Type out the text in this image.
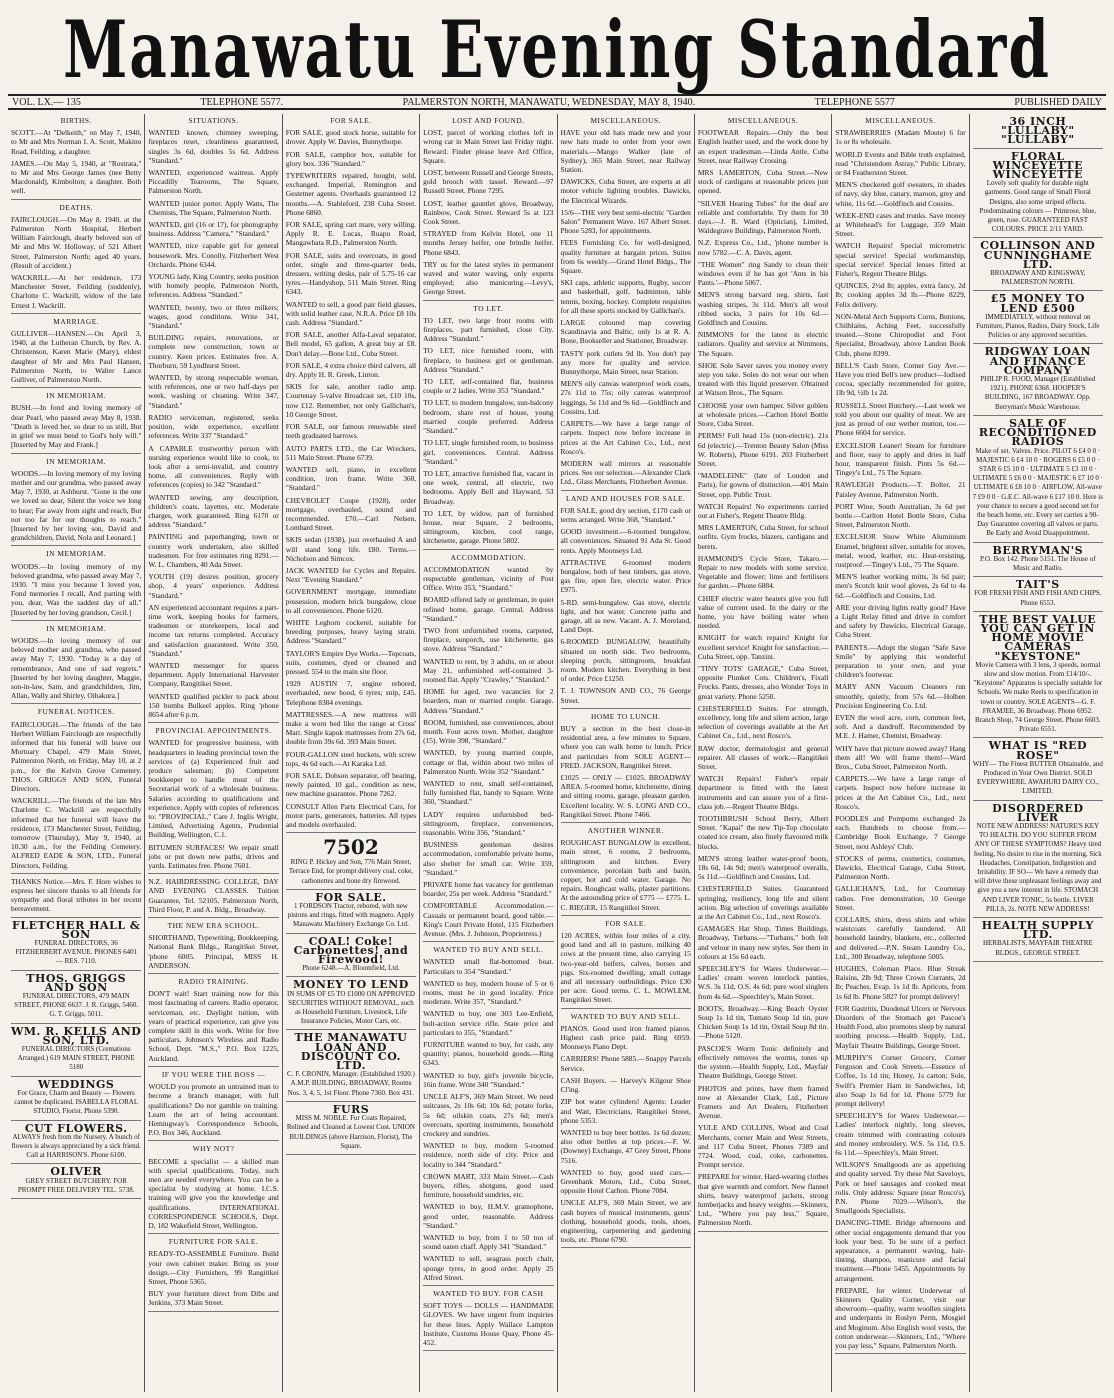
Manawatu Evening Standard
VOL. LX.— 135	TELEPHONE 5577.	PALMERSTON NORTH, MANAWATU, WEDNESDAY, MAY 8, 1940.	TELEPHONE 5577	PUBLISHED DAILY
BIRTHS.
SCOTT.—At "Delkeith," on May 7, 1940, to Mr and Mrs Norman I. A. Scott, Makino Road, Feilding, a daughter.
JAMES.—On May 5, 1940, at "Rostrata," to Mr and Mrs George James (nee Betty Macdonald), Kimbolton; a daughter. Both well.
DEATHS.
FAIRCLOUGH.—On May 8, 1940, at the Palmerston North Hospital, Herbert William Fairclough, dearly beloved son of Mr and Mrs W. Holloway, of 521 Albert Street, Palmerston North; aged 40 years. (Result of accident.)
WACKRILL.—At her residence, 173 Manchester Street, Feilding (suddenly), Charlotte C. Wackrill, widow of the late Ernest J. Wackrill.
MARRIAGE.
GULLIVER—HANSEN.—On April 3, 1940, at the Lutheran Church, by Rev. A. Christenson, Karen Marie (Mary), eldest daughter of Mr and Mrs Paul Hansen, Palmerston North, to Walter Lance Gulliver, of Palmerston North.
IN MEMORIAM.
BUSH.—In fond and loving memory of dear Pearl, who passed away May 8, 1938. "Death is loved her, so dear to us still, But in grief we must bend to God's holy will." [Inserted by May and Frank.]
IN MEMORIAM.
WOODS.—In loving memory of my loving mother and our grandma, who passed away May 7, 1930, at Ashhurst. "Gone is the one we loved so dear, Silent the voice we long to hear; Far away from sight and reach, But not too far for our thoughts to reach." [Inserted by her loving son, David and grandchildren, David, Nola and Leonard.]
IN MEMORIAM.
WOODS.—In loving memory of my beloved grandma, who passed away May 7, 1930. "I miss you because I loved you, Fond memories I recall, And parting with you, dear, Was the saddest day of all." [Inserted by her loving grandson, Cecil.]
IN MEMORIAM.
WOODS.—In loving memory of our beloved mother and grandma, who passed away May 7, 1930. "Today is a day of remembrance, And one of sad regrets." [Inserted by her loving daughter, Maggie, son-in-law, Sam, and grandchildren, Jim, Allan, Wally and Shirley, Oihakura.]
FUNERAL NOTICES.
FAIRCLOUGH.—The friends of the late Herbert William Fairclough are respectfully informed that his funeral will leave our Mortuary Chapel, 479 Main Street, Palmerston North, on Friday, May 10, at 2 p.m., for the Kelvin Grove Cemetery. THOS. GRIGGS AND SON, Funeral Directors.
WACKRILL.—The friends of the late Mrs Charlotte C. Wackrill are respectfully informed that her funeral will leave the residence, 173 Manchester Street, Feilding, tomorrow (Thursday), May 9, 1940, at 10.30 a.m., for the Feilding Cemetery. ALFRED EADE & SON, LTD., Funeral Directors, Feilding.
THANKS Notice.—Mrs. F. Hore wishes to express her sincere thanks to all friends for sympathy and floral tributes in her recent bereavement.
FLETCHER HALL & SON
FUNERAL DIRECTORS, 36 FITZHERBERT AVENUE. PHONES 6401 — RES. 7110.
THOS. GRIGGS AND SON
FUNERAL DIRECTORS, 479 MAIN STREET, PHONE 6637. J. R. Griggs, 5460. G. T. Griggs, 5011.
WM. R. KELLS AND SON, LTD.
FUNERAL DIRECTORS (Cremations Arranged.) 619 MAIN STREET, PHONE 5180
WEDDINGS
For Grace, Charm and Beauty — Flowers cannot be duplicated. ISABELLA FLORAL STUDIO, Florist. Phone 5390.
CUT FLOWERS.
ALWAYS fresh from the Nursery. A bunch of flowers is always appreciated by a sick friend. Call at HARRISON'S. Phone 6100.
OLIVER
GREY STREET BUTCHERY. FOR PROMPT FREE DELIVERY TEL. 5738.
SITUATIONS.
WANTED known, chimney sweeping, fireplaces reset, cleanliness guaranteed, singles 3s 6d, doubles 5s 6d. Address "Standard."
WANTED, experienced waitress. Apply Piccadilly Tearooms, The Square, Palmerston North.
WANTED junior porter. Apply Watts, The Chemists, The Square, Palmerston North.
WANTED, girl (16 or 17), for photography business. Address "Camera," "Standard."
WANTED, nice capable girl for general housework. Mrs. Conolly, Fitzherbert West Orchards. Phone 6344.
YOUNG lady, King Country, seeks position with homely people, Palmerston North, references. Address "Standard."
WANTED, twenty, two or three milkers; wages, good conditions. Write 341, "Standard."
BUILDING repairs, renovations, or complete new construction, town or country. Keen prices. Estimates free. A. Thorburn, 59 Lyndhurst Street.
WANTED, by strong respectable woman, with references, one or two half-days per week, washing or cleaning. Write 347, "Standard."
RADIO serviceman, registered, seeks position, wide experience, excellent references. Write 337 "Standard."
A CAPABLE trustworthy person with nursing experience would like to cook, to look after a semi-invalid, and country home, all conveniences. Reply with references (copies) to 342 "Standard."
WANTED sewing, any description, children's coats, layettes, etc. Moderate charges, work guaranteed. Ring 6170 or address "Standard."
PAINTING and paperhanging, town or country work undertaken, also skilled tradesmen. For free estimates ring 8291.—W. L. Chambers, 40 Ada Street.
YOUTH (19) desires position, grocery shop, 4 years' experience. Address "Standard."
AN experienced accountant requires a part-time work, keeping books for farmers, tradesmen or storekeepers, local and income tax returns completed. Accuracy and satisfaction guaranteed. Write 350, "Standard."
WANTED messenger for spares department. Apply International Harvester Company, Rangitikei Street.
WANTED qualified pickler to pack about 150 bombs Bulkeel apples. Ring 'phone 8654 after 6 p.m.
PROVINCIAL APPOINTMENTS.
WANTED for progressive business, with headquarters in leading provincial town the services of (a) Experienced fruit and produce salesman; (b) Competent bookkeeper to handle most of the Secretarial work of a wholesale business. Salaries according to qualifications and experience. Apply with copies of references to: "PROVINCIAL," Care J. Inglis Wright, Limited, Advertising Agents, Prudential Building, Wellington, C.1.
BITUMEN SURFACES! We repair small jobs or put down new paths, drives and yards. Estimates free. Phone 7601.
N.Z. HAIRDRESSING COLLEGE, DAY AND EVENING CLASSES. Tuition Guarantee, Tel. 52105, Palmerston North, Third Floor, P. and A. Bldg., Broadway.
THE NEW ERA SCHOOL.
SHORTHAND, Typewriting, Bookkeeping, National Bank Bldgs., Rangitikei Street, 'phone 6005. Principal, MISS H. ANDERSON.
RADIO TRAINING.
DON'T wait! Start training now for this most fascinating of careers. Radio operator, serviceman, etc. Daylight tuition, with years of practical experience, can give you complete skill in this work. Write for free particulars. Johnson's Wireless and Radio School, Dept. "M.S.," P.O. Box 1225, Auckland.
IF YOU WERE THE BOSS —
WOULD you promote an untrained man to become a branch manager, with full qualifications? Do not gamble on training. Learn the art of being accountant. Hemingway's Correspondence Schools, P.O. Box 346, Auckland.
WHY NOT?
BECOME a specialist — a skilled man with special qualifications. Today, such men are needed everywhere. You can be a specialist by studying at home. I.C.S. training will give you the knowledge and qualifications. INTERNATIONAL CORRESPONDENCE SCHOOLS, Dept. D, 182 Wakefield Street, Wellington.
FURNITURE FOR SALE.
READY-TO-ASSEMBLE Furniture. Build your own cabinet maker. Bring us your design.—City Furnishers, 99 Rangitikei Street, Phone 5365.
BUY your furniture direct from Dibs and Jenkins, 373 Main Street.
FOR SALE.
FOR SALE, good stock horse, suitable for drover. Apply W. Davies, Bunnythorpe.
FOR SALE, camphor box, suitable for glory box. 336 "Standard."
TYPEWRITERS repaired, bought, sold, exchanged. Imperial, Remington and Gestetner agents. Overhauls guaranteed 12 months.—A. Stableford, 238 Cuba Street. Phone 6860.
FOR SALE, spring cart mare, very willing. Apply R. E. Lucas, Ruapu Road, Mangawhata R.D., Palmerston North.
FOR SALE, suits and overcoats, in good order, single and three-quarter beds, dressers, writing desks, pair of 5.75-16 car tyres.—Handyshop, 511 Main Street. Ring 6343.
WANTED to sell, a good pair field glasses, with solid leather case, N.R.A. Price £8 10s cash. Address "Standard."
FOR SALE, another Alfa-Laval separator, Bell model, 65 gallon, A great buy at £8. Don't delay.—Bone Ltd., Cuba Street.
FOR SALE, 4 extra choice third calvers, all dry. Apply H. R. Greek, Linton.
SKIS for sale, another radio amp. Courtenay 5-valve Broadcast set, £10 10s, now £12. Remember, not only Gallichan's, 10 George Street.
FOR SALE, our famous renewable steel teeth graduated harrows.
AUTO PARTS LTD., the Car Wreckers, 511 Main Street. Phone 6739.
WANTED sell, piano, in excellent condition, iron frame. Write 360, "Standard."
CHEVROLET Coupe (1928), order mortgage, overhauled, sound and recommended. £70.—Carl Nelsen, Lombard Street.
SKIS sedan (1938), just overhauled A and will stand long life. £80. Terms.—Nicholson and Simcox.
JACK WANTED for Cycles and Repairs. Next "Evening Standard."
GOVERNMENT mortgage, immediate possession, modern brick bungalow, close to all conveniences. Phone 6120.
WHITE Leghorn cockerel, suitable for breeding purposes, heavy laying strain. Address "Standard."
TAYLOR'S Empire Dye Works.—Topcoats, suits, costumes, dyed or cleaned and pressed. 554 to the main site floor.
1929 AUSTIN 7, engine rebored, overhauled, new hood, 6 tyres; snip, £45. Telephone 8384 evenings.
MATTRESSES.—A new mattress will make a worn bed like the range at Cross' Mart. Single kapok mattresses from 27s 6d, double from 39s 6d. 393 Main Street.
FOUR-GALLON steel buckets, with screw tops, 4s 6d each.—At Karaka Ltd.
FOR SALE, Dobson separator, off bearing, newly painted, 10 gal., condition as new, new machine guarantee. Phone 7262.
CONSULT Allen Parts Electrical Cars, for motor parts, generators, batteries. All types and models overhauled.
7502
RING P. Hickey and Son, 776 Main Street, Terrace End, for prompt delivery coal, coke, carbonettes and bone dry firewood.
FOR SALE.
1 FORDSON Tractor, rebored, with new pistons and rings, fitted with magneto. Apply Manawatu Machinery Exchange Co. Ltd.
COAL! Coke! Carbonettes! and Firewood!
Phone 6248.—A. Bloomfield, Ltd.
MONEY TO LEND
IN SUMS OF £5 TO £1000 ON APPROVED SECURITIES WITHOUT REMOVAL, such as Household Furniture, Livestock, Life Insurance Policies, Motor Cars, etc.
THE MANAWATU LOAN AND DISCOUNT CO. LTD.
C. F. CRONIN, Manager. (Established 1920.) A.M.P. BUILDING, BROADWAY, Rooms Nos. 3, 4, 5, 1st Floor. Phone 7360. Box 431.
FURS
MISS M. NOBLE. Fur Coats Repaired, Relined and Cleaned at Lowest Cost. UNION BUILDINGS (above Harrison, Florist), The Square.
LOST AND FOUND.
LOST, parcel of working clothes left in wrong car in Main Street last Friday night. Reward. Finder please leave Ard Office, Square.
LOST, between Russell and George Streets, gold brooch with tassel. Reward.—97 Russell Street. Phone 7295.
LOST, leather gauntlet glove, Broadway, Rainbow, Cook Street. Reward 5s at 123 Cook Street.
STRAYED from Kelvin Hotel, one 11 months Jersey heifer, one brindle heifer. Phone 6843.
TRY us for the latest styles in permanent waved and water waving, only experts employed; also manicuring.—Levy's, George Street.
TO LET.
TO LET, two large front rooms with fireplaces, part furnished, close City. Address "Standard."
TO LET, nice furnished room, with fireplace, to business girl or gentleman. Address "Standard."
TO LET, self-contained flat, business couple or 2 ladies. Write 353 "Standard."
TO LET, to modern bungalow, sun-balcony bedroom, share rest of house, young married couple preferred. Address "Standard."
TO LET, single furnished room, to business girl, conveniences. Central. Address "Standard."
TO LET, attractive furnished flat, vacant in one week, central, all electric, two bedrooms. Apply Bell and Hayward, 53 Broadway.
TO LET, by widow, part of furnished house, near Square, 2 bedrooms, sittingroom, kitchen, cool range, kitchenette, garage. Phone 5802.
ACCOMMODATION.
ACCOMMODATION wanted by respectable gentleman, vicinity of Post Office. Write 353, "Standard."
BOARD offered lady or gentleman, in quiet refined home, garage. Central. Address "Standard."
TWO front unfurnished rooms, carpeted, fireplace, sunporch, use kitchenette, gas stove. Address "Standard."
WANTED to rent, by 3 adults, on or about May 21, unfurnished self-contained 3-roomed flat. Apply "Crawley," "Standard."
HOME for aged, two vacancies for 2 boarders, man or married couple. Garage. Address "Standard."
ROOM, furnished, use conveniences, about month. Four acres town. Mother, daughter (15). Write 398, "Standard."
WANTED, by young married couple, cottage or flat, within about two miles of Palmerston North. Write 352 "Standard."
WANTED to rent, small self-contained, fully furnished flat, handy to Square. Write 360, "Standard."
LADY requires unfurnished bed-sittingroom, fireplace, conveniences, reasonable. Write 356, "Standard."
BUSINESS gentleman desires accommodation, comfortable private home, also shelter for small car. Write 359, "Standard."
PRIVATE home has vacancy for gentleman boarder, 25s per week. Address "Standard."
COMFORTABLE Accommodation.—Casuals or permanent board, good table.—King's Court Private Hotel, 115 Fitzherbert Avenue. (Mrs. J. Johnson, Proprietress.)
WANTED TO BUY AND SELL.
WANTED small flat-bottomed boat. Particulars to 354 "Standard."
WANTED to buy, modern house of 5 or 6 rooms, must be in good locality. Price moderate. Write 357, "Standard."
WANTED to buy, one 303 Lee-Enfield, bolt-action service rifle. State price and particulars to 355, "Standard."
FURNITURE wanted to buy, for cash, any quantity; pianos, household goods.—Ring 6343.
WANTED to buy, girl's juvenile bicycle, 16in frame. Write 340 "Standard."
UNCLE ALF'S, 369 Main Street. We need suitcases, 2s 10s 6d; 10s 6d; potato forks, 5s 6d; oilskin coats, 27s 6d; men's overcoats, sporting instruments, household crockery and sundries.
WANTED to buy, modern 5-roomed residence, north side of city. Price and locality to 344 "Standard."
CROWN MART, 333 Main Street.—Cash buyers, rifles, shotguns, good used furniture, household sundries, etc.
WANTED to buy, H.M.V. gramophone, good order, reasonable. Address "Standard."
WANTED to buy, from 1 to 50 ton of sound oaten chaff. Apply 341 "Standard."
WANTED to sell, seagrass porch chair, sponge tyres, in good order. Apply 25 Alfred Street.
WANTED TO BUY. FOR CASH
SOFT TOYS — DOLLS — HANDMADE GLOVES. We have urgent from inquiries for these lines. Apply Wallace Lampton Institute, Customs House Quay, Phone 45-452.
MISCELLANEOUS.
HAVE your old hats made new and your new hats made to order from your own materials.—Mango Walker (late of Sydney), 365 Main Street, near Railway Station.
DAWICKS, Cuba Street, are experts at all motor vehicle lighting troubles. Dawicks, the Electrical Wizards.
15/6—THE very best semi-electric "Garden Salon" Permanent Wave. 167 Albert Street. Phone 5283, for appointments.
FEES Furnishing Co. for well-designed, quality furniture at bargain prices. Suites from 6s weekly.—Grand Hotel Bldgs., The Square.
SKI caps, athletic supports, Rugby, soccer and basketball, golf, badminton, table tennis, boxing, hockey. Complete requisites for all these sports stocked by Gallichan's.
LARGE coloured map covering Scandinavia and Baltic, only 1s at R. A. Bone, Bookseller and Stationer, Broadway.
TASTY pork cutlets 9d lb. You don't pay any more for quality and service. Bunnythorpe, Main Street, near Station.
MEN'S oily canvas waterproof work coats, 27s 11d to 75s; oily canvas waterproof leggings, 5s 11d and 9s 6d.—Goldfinch and Cousins, Ltd.
CARPETS.—We have a large range of carpets. Inspect now before increase in prices at the Art Cabinet Co., Ltd., next Rosco's.
MODERN wall mirrors at reasonable prices. See our selection.—Alexander Clark Ltd., Glass Merchants, Fitzherbert Avenue.
LAND AND HOUSES FOR SALE.
FOR SALE, good dry section, £170 cash or terms arranged. Write 368, "Standard."
GOOD investment.—6-roomed bungalow, all conveniences. Situated 91 Ada St. Good rents. Apply Moonseys Ltd.
ATTRACTIVE 6-roomed modern bungalow, both of best timbers, gas stove, gas fire, open fire, electric water. Price £975.
5-RD. semi-bungalow. Gas stove, electric light, and hot water. Concrete paths and garage, all as new. Vacant. A. J. Moreland, Land Dept.
6-ROOMED BUNGALOW, beautifully situated on north side. Two bedrooms, sleeping porch, sittingroom, breakfast room. Modern kitchen. Everything in best of order. Price £1250.
T. J. TOWNSON AND CO., 76 George Street.
HOME TO LUNCH.
BUY a section in the best close-in residential area, a few minutes to Square, where you can walk home to lunch. Price and particulars from SOLE AGENT— FRED. JACKSON, Rangitikei Street.
£1025 — ONLY — £1025. BROADWAY AREA. 5-roomed home, kitchenette, dining and sitting rooms, garage, pleasant garden. Excellent locality. W. S. LONG AND CO., Rangitikei Street. Phone 7466.
ANOTHER WINNER.
ROUGHCAST BUNGALOW in excellent, main street, 6 rooms, 2 bedrooms, sittingroom and kitchen. Every convenience, porcelain bath and basin, copper, hot and cold water. Garage. No repairs. Roughcast walls, plaster partitions. At the astounding price of £775 — £775. L. C. RIEGER, 15 Rangitikei Street.
FOR SALE.
120 ACRES, within four miles of a city, good land and all in pasture, milking 40 cows at the present time, also carrying 15 two-year-old heifers, calves, horses and pigs. Six-roomed dwelling, small cottage and all necessary outbuildings. Price £30 per acre. Good terms. C. L. MOWLEM, Rangitikei Street.
WANTED TO BUY AND SELL.
PIANOS. Good used iron framed pianos. Highest cash price paid. Ring 6959. Moonseys Piano Dept.
CARRIERS! Phone 5885.—Snappy Parcels Service.
CASH Buyers. — Harvey's Kilgour Shoe Cl'ing.
ZIP hot water cylinders! Agents: Leader and Watt, Electricians, Rangitikei Street, phone 5353.
WANTED to buy beer bottles. 1s 6d dozen; also other bottles at top prices.—F. W. (Downey) Exchange, 47 Grey Street, Phone 7516.
WANTED to buy, good used cars.—Greenbank Motors, Ltd., Cuba Street, opposite Hotel Carlton. Phone 7084.
UNCLE ALF'S, 369 Main Street, we are cash buyers of musical instruments, gents' clothing, household goods, tools, shoes, engineering, carpentering and gardening tools, etc. Phone 6790.
MISCELLANEOUS.
FOOTWEAR Repairs.—Only the best English leather used, and the work done by an expert tradesman.—Linda Antle, Cuba Street, near Railway Crossing.
MRS LAMERTON, Cuba Street.—New stock of cardigans at reasonable prices just opened.
"SILVER Hearing Tubes" for the deaf are reliable and comfortable. Try them for 30 days.—J. R. Ward (Optician), Limited, Waldegrave Buildings, Palmerston North.
N.Z. Express Co., Ltd., 'phone number is now 5782.—C. A. Davis, agent.
"THE Women" ring Sandy to clean their windows even if he has got 'Ants in his Pants.'—Phone 5067.
MEN'S strong harvard neg. shirts, fast washing stripes, 3s 11d. Men's all wool ribbed socks, 3 pairs for 10s 6d.—Goldfinch and Cousins.
NIMMONS for the latest in electric radiators. Quality and service at Nimmons, The Square.
SHOE Sole Saver saves you money every step you take. Soles do not wear out when treated with this liquid preserver. Obtained at Watson Bros., The Square.
CHOOSE your own hamper. Silver goblets at wholesale prices.—Carlton Hotel Bottle Store, Cuba Street.
PERMS! Full head 15s (non-electric). 21s 6d (electric).—Trenton Beauty Salon (Miss W. Roberts), Phone 6191. 203 Fitzherbert Street.
"MADELEINE" (late of London and Paris), for gowns of distinction.—401 Main Street, opp. Public Trust.
WATCH Repairs! No experiments carried out at Fisher's, Regent Theatre Bldg.
MRS LAMERTON, Cuba Street, for school outfits. Gym frocks, blazers, cardigans and berets.
HAMMOND'S Cycle Store, Takaro.—Repair to new models with some service. Vegetable and flower; lime and fertilisers for garden.—Phone 6884.
CHIEF electric water heaters give you full value of current used. In the dairy or the home, you have boiling water when needed.
KNIGHT for watch repairs! Knight for excellent service! Knight for satisfaction.—Cuba Street, opp. Tanzini.
"TINY TOTS' GARAGE," Cuba Street, opposite Plunket Cots. Children's, Fixall Frocks. Pants, dresses, also Wonder Toys in great variety. Phone 5250.
CHESTERFIELD Suites. For strength, excellency, long life and silent action, large selection of coverings available at the Art Cabinet Co., Ltd., next Rosco's.
RAW doctor, dermatologist and general repairer. All classes of work.—Rangitikei Street.
WATCH Repairs! Fisher's repair department is fitted with the latest instruments and can assure you of a first-class job.—Regent Theatre Bldgs.
TOOTHBRUSH School Berry, Albert Street. "Kapai" the new Tip-Top chocolate coated ice cream, also finely flavoured milk blocks.
MEN'S strong leather water-proof boots, 18s 6d, 14s 9d; men's waterproof overalls, 5s 11d.—Goldfinch and Cousins, Ltd.
CHESTERFIELD Suites. Guaranteed springing, resiliency, long life and silent action. Big selection of coverings available at the Art Cabinet Co., Ltd., next Rosco's.
GAMAGES Hat Shop, Times Buildings, Broadway, Turbans.—"Turbans," both felt and velour in many new styles. See them in colours at 15s 6d each.
SPEECHLEY'S for Wares Underwear.—Ladies' cream woven interlock panties, W.S. 3s 11d, O.S. 4s 6d; pure wool singlets from 4s 6d.—Speechley's, Main Street.
BOOTS, Broadway.—King Beach Oyster Soup 1s 1d tin, Tomato Soup 1d tin, pure Chicken Soup 1s 1d tin, Oxtail Soup 8d tin.—Phone 5120.
PASCOE'S Worm Tonic definitely and effectively removes the worms, tones up the system.—Health Supply, Ltd., Mayfair Theatre Buildings, George Street.
PHOTOS and prints, have them framed now at Alexander Clark, Ltd., Picture Framers and Art Dealers, Fitzherbert Avenue.
YULE AND COLLINS, Wood and Coal Merchants, corner Main and West Streets, and 117 Cuba Street, Phones 7389 and 7724. Wood, coal, coke, carbonettes. Prompt service.
PREPARE for winter. Hard-wearing clothes that give warmth and comfort. New flannel shirts, heavy waterproof jackets, strong lumberjacks and heavy weights.—Skinners, Ltd., "Where you pay less," Square, Palmerston North.
MISCELLANEOUS.
STRAWBERRIES (Madam Moute) 6 for 1s or 8s wholesale.
WORLD Events and Bible truth explained, read "Christendom Astray," Public Library, or 84 Featherston Street.
MEN'S checkered golf sweaters, in shades of navy, sky blue, canary, maroon, grey and white, 11s 6d.—Goldfinch and Cousins.
WEEK-END cases and trunks. Save money at Whitehead's for Luggage, 359 Main Street.
WATCH Repairs! Special micrometric special service! Special workmanship, special service! Special lenses fitted at Fisher's, Regent Theatre Bldgs.
QUINCES, 2½d lb; apples, extra fancy, 2d lb; cooking apples 3d lb.—Phone 8229, Felix delivery.
NON-Metal Arch Supports Corns, Bunions, Chilblains, Aching Feet, successfully treated.—Stone Chiropodist and Foot Specialist, Broadway, above Landon Book Club, phone 8399.
BELL'S Cash Store, Corner Guy Ave.—Have you tried Bell's new product—Iodised cocoa, specially recommended for goitre, 1lb 9d, ½lb 1s 2d.
RUSSELL Street Butchery.—Last week we told you about our quality of meat. We are just as proud of our wether mutton, too.—Phone 6604 for service.
EXCELSIOR Leaner! Steam for furniture and floor, easy to apply and dries in half hour, transparent finish. Pints 5s 6d.—Tingey's Ltd., 75 The Square.
RAWLEIGH Products.—T. Bolter, 21 Paisley Avenue, Palmerston North.
PORT Wine, South Australian, 3s 6d per bottle.—Carlton Hotel Bottle Store, Cuba Street, Palmerston North.
EXCELSIOR Snow White Aluminium Enamel, brightest silver, suitable for stoves, metal, wood, leather, etc. Heat-resisting, rustproof.—Tingey's Ltd., 75 The Square.
MEN'S leather working mitts, 3s 6d pair; men's Scotch knit wool gloves, 2s 6d to 4s 6d.—Goldfinch and Cousins, Ltd.
ARE your driving lights really good? Have a Light Relay fitted and drive in comfort and safety by Dawicks, Electrical Garage, Cuba Street.
PARENTS.—Adopt the slogan "Safe Save Smile" by applying this wonderful preparation to your own, and your children's footwear.
MARY ANN Vacuum Cleaners run smoothly, quietly, from 57s 6d.—Holben Precision Engineering Co. Ltd.
EVEN the wool acre, corn, common feet, soft. And a dandruff. Recommended by M.E. J. Hamer, Chemist, Broadway.
WHY have that picture stowed away? Hang them all! We will frame them!—Ward Bros., Cuba Street, Palmerston North.
CARPETS.—We have a large range of carpets. Inspect now before increase in prices at the Art Cabinet Co., Ltd., next Rosco's.
POODLES and Pompoms exchanged 2s each. Hundreds to choose from.—Cambridge Book Exchange, 7 George Street, next Ashleys' Club.
STOCKS of perms, cosmetics, costumes, Dawicks, Electrical Garage, Cuba Street, Palmerston North.
GALLICHAN'S, Ltd., for Courtenay radios. Free demonstration, 10 George Street.
COLLARS, shirts, dress shirts and white waistcoats carefully laundered. All household laundry, blankets, etc., collected and delivered.—P.N. Steam Laundry Co., Ltd., 300 Broadway, telephone 5005.
HUGHES, Coleman Place. Blue Streak Raisins, 2lb 9d; Three Crown Currants, 2d lb; Peaches, Evap. 1s 1d lb. Apricots, from 1s 6d lb. Phone 5827 for prompt delivery!
FOR Gastritis, Duodenal Ulcers or Nervous Disorders of the Stomach get Pascoe's Health Food, also promotes sleep by natural soothing process.—Health Supply, Ltd., Mayfair Theatre Buildings, George Street.
MURPHY'S Corner Grocery, Corner Ferguson and Cook Streets.—Essence of Coffee, 1s 1d tin; Honey, 1s carton; Sole, Swift's Premier Ham in Sandwiches, 1d; also Soap 1s 6d for 1d. Phone 5779 for prompt delivery!
SPEECHLEY'S for Wares Underwear.—Ladies' interlock nightly, long sleeves, cream trimmed with contrasting colours and money embroidery. W.S. 5s 11d, O.S. 6s 11d.—Speechley's, Main Street.
WILSON'S Smallgoods are as appetising and quality served. Try these Nut Saveloys, Pork or beef sausages and cooked meat rolls. Only address: Square (near Rosco's), P.N. Phone 7029.—Wilson's, the Smallgoods Specialists.
DANCING-TIME. Bridge afternoons and other social engagements demand that you look your best. To be sure of a perfect appearance, a permanent waving, hair-tinting, shampoo, manicure and facial treatment.—Phone 5455. Appointments by arrangement.
PREPARE, for winter. Underwear of Skinners Quality Corner, visit our showroom—quality, warm woollen singlets and underpants in Roslyn Perm, Mosgiel and Moginum. Also English wool vests, the cotton underwear.—Skinners, Ltd., "Where you pay less," Square, Palmerston North.
36 INCH "LULLABY" "LULLABY"
FLORAL WINCEYETTE WINCEYETTE
Lovely soft quality for durable night garments. Good range of Small Floral Designs, also some striped effects. Predominating colours — Primrose, blue, green, rose. GUARANTEED FAST COLOURS. PRICE 2/11 YARD.
COLLINSON AND CUNNINGHAME LTD.
BROADWAY AND KINGSWAY, PALMERSTON NORTH.
£5 MONEY TO LEND £500
IMMEDIATELY, without removal on Furniture, Pianos, Radios, Dairy Stock, Life Policies or any approved securities.
RIDGWAY LOAN AND FINANCE COMPANY
PHILIP R. FOOD, Manager (Established 1921). PHONE 6368. HOOPER'S BUILDING, 167 BROADWAY. Opp. Berryman's Music Warehouse.
SALE OF RECONDITIONED RADIOS
Make of set. Valves. Price. PILOT 6 £4 0 0 · MAJESTIC 6 £4 10 0 · ROGERS 6 £5 0 0 · STAR 6 £5 10 0 · ULTIMATE 5 £3 10 0 · ULTIMATE 5 £6 0 0 · MAJESTIC 6 £7 10 0 · ULTIMATE 6 £8 10 0 · AIRFLOW, All-wave 7 £9 0 0 · G.E.C. All-wave 6 £17 10 0. Here is your chance to secure a good second set for the beach home, etc. Every set carries a 90-Day Guarantee covering all valves or parts. Be Early and Avoid Disappointment.
BERRYMAN'S
P.O. Box 142. Phone 5151. The House of Music and Radio.
TAIT'S
FOR FRESH FISH AND FISH AND CHIPS. Phone 6553.
THE BEST VALUE YOU CAN GET IN HOME MOVIE CAMERAS "KEYSTONE"
Movie Camera with 3 lens, 3 speeds, normal slow and slow motion. From £14/10/-. "Keystone" Apparatus is specially suitable for Schools. We make Reels to specification in town or country. SOLE AGENTS—G. F. FRAMJEE, 36 Broadway. Phone 6952. Branch Shop, 74 George Street. Phone 6603. Private 6551.
WHAT IS "RED ROSE"
WHY— The Finest BUTTER Obtainable, and Produced in Your Own District. SOLD EVERYWHERE. AWAHURI DAIRY CO., LIMITED.
DISORDERED LIVER
NOTE NEW ADDRESS! NATURE'S KEY TO HEALTH. DO YOU SUFFER FROM ANY OF THESE SYMPTOMS? Heavy tired feeling, No desire to rise in the morning, Sick Headaches, Constipation, Indigestion and Irritability. IF SO— We have a remedy that will drive these unpleasant feelings away and give you a new interest in life. STOMACH AND LIVER TONIC, 5s bottle. LIVER PILLS, 2s. NOTE NEW ADDRESS!
HEALTH SUPPLY LTD.
HERBALISTS, MAYFAIR THEATRE BLDGS., GEORGE STREET.
